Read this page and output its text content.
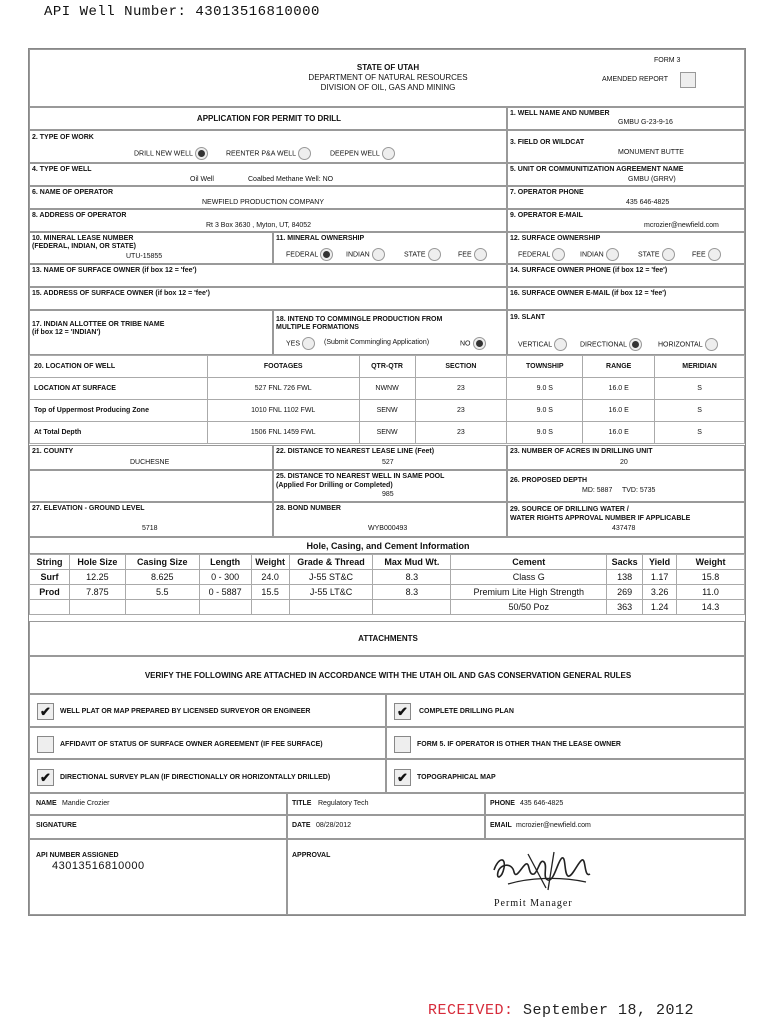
API Well Number: 43013516810000
STATE OF UTAH
DEPARTMENT OF NATURAL RESOURCES
DIVISION OF OIL, GAS AND MINING
FORM 3
AMENDED REPORT
APPLICATION FOR PERMIT TO DRILL
1. WELL NAME AND NUMBER
GMBU G-23-9-16
2. TYPE OF WORK
DRILL NEW WELL	REENTER P&A WELL	DEEPEN WELL
3. FIELD OR WILDCAT
MONUMENT BUTTE
4. TYPE OF WELL
Oil Well	Coalbed Methane Well: NO
5. UNIT OR COMMUNITIZATION AGREEMENT NAME
GMBU (GRRV)
6. NAME OF OPERATOR
NEWFIELD PRODUCTION COMPANY
7. OPERATOR PHONE
435 646-4825
8. ADDRESS OF OPERATOR
Rt 3 Box 3630 , Myton, UT, 84052
9. OPERATOR E-MAIL
mcrozier@newfield.com
10. MINERAL LEASE NUMBER
(FEDERAL, INDIAN, OR STATE)
UTU-15855
11. MINERAL OWNERSHIP
FEDERAL	INDIAN	STATE	FEE
12. SURFACE OWNERSHIP
FEDERAL	INDIAN	STATE	FEE
13. NAME OF SURFACE OWNER (if box 12 = 'fee')	14. SURFACE OWNER PHONE (if box 12 = 'fee')
15. ADDRESS OF SURFACE OWNER (if box 12 = 'fee')	16. SURFACE OWNER E-MAIL (if box 12 = 'fee')
17. INDIAN ALLOTTEE OR TRIBE NAME
(if box 12 = 'INDIAN')
18. INTEND TO COMMINGLE PRODUCTION FROM
MULTIPLE FORMATIONS
YES	(Submit Commingling Application)	NO
19. SLANT
VERTICAL	DIRECTIONAL	HORIZONTAL
20. LOCATION OF WELL	FOOTAGES	QTR-QTR	SECTION	TOWNSHIP	RANGE	MERIDIAN
LOCATION AT SURFACE	527 FNL 726 FWL	NWNW	23	9.0 S	16.0 E	S
Top of Uppermost Producing Zone	1010 FNL 1102 FWL	SENW	23	9.0 S	16.0 E	S
At Total Depth	1506 FNL 1459 FWL	SENW	23	9.0 S	16.0 E	S
21. COUNTY
DUCHESNE
22. DISTANCE TO NEAREST LEASE LINE (Feet)
527
23. NUMBER OF ACRES IN DRILLING UNIT
20
25. DISTANCE TO NEAREST WELL IN SAME POOL
(Applied For Drilling or Completed)
985
26. PROPOSED DEPTH
MD: 5887     TVD: 5735
27. ELEVATION - GROUND LEVEL
5718
28. BOND NUMBER
WYB000493
29. SOURCE OF DRILLING WATER /
WATER RIGHTS APPROVAL NUMBER IF APPLICABLE
437478
Hole, Casing, and Cement Information
String	Hole Size	Casing Size	Length	Weight	Grade & Thread	Max Mud Wt.	Cement	Sacks	Yield	Weight
Surf	12.25	8.625	0 - 300	24.0	J-55 ST&C	8.3	Class G	138	1.17	15.8
Prod	7.875	5.5	0 - 5887	15.5	J-55 LT&C	8.3	Premium Lite High Strength	269	3.26	11.0
							50/50 Poz	363	1.24	14.3
ATTACHMENTS
VERIFY THE FOLLOWING ARE ATTACHED IN ACCORDANCE WITH THE UTAH OIL AND GAS CONSERVATION GENERAL RULES
✔	WELL PLAT OR MAP PREPARED BY LICENSED SURVEYOR OR ENGINEER	✔	COMPLETE DRILLING PLAN
AFFIDAVIT OF STATUS OF SURFACE OWNER AGREEMENT (IF FEE SURFACE)	FORM 5. IF OPERATOR IS OTHER THAN THE LEASE OWNER
✔	DIRECTIONAL SURVEY PLAN (IF DIRECTIONALLY OR HORIZONTALLY DRILLED)	✔	TOPOGRAPHICAL MAP
NAME Mandie Crozier	TITLE Regulatory Tech	PHONE 435 646-4825
SIGNATURE	DATE 08/28/2012	EMAIL mcrozier@newfield.com
API NUMBER ASSIGNED
43013516810000
APPROVAL
Permit Manager
RECEIVED: September 18, 2012
